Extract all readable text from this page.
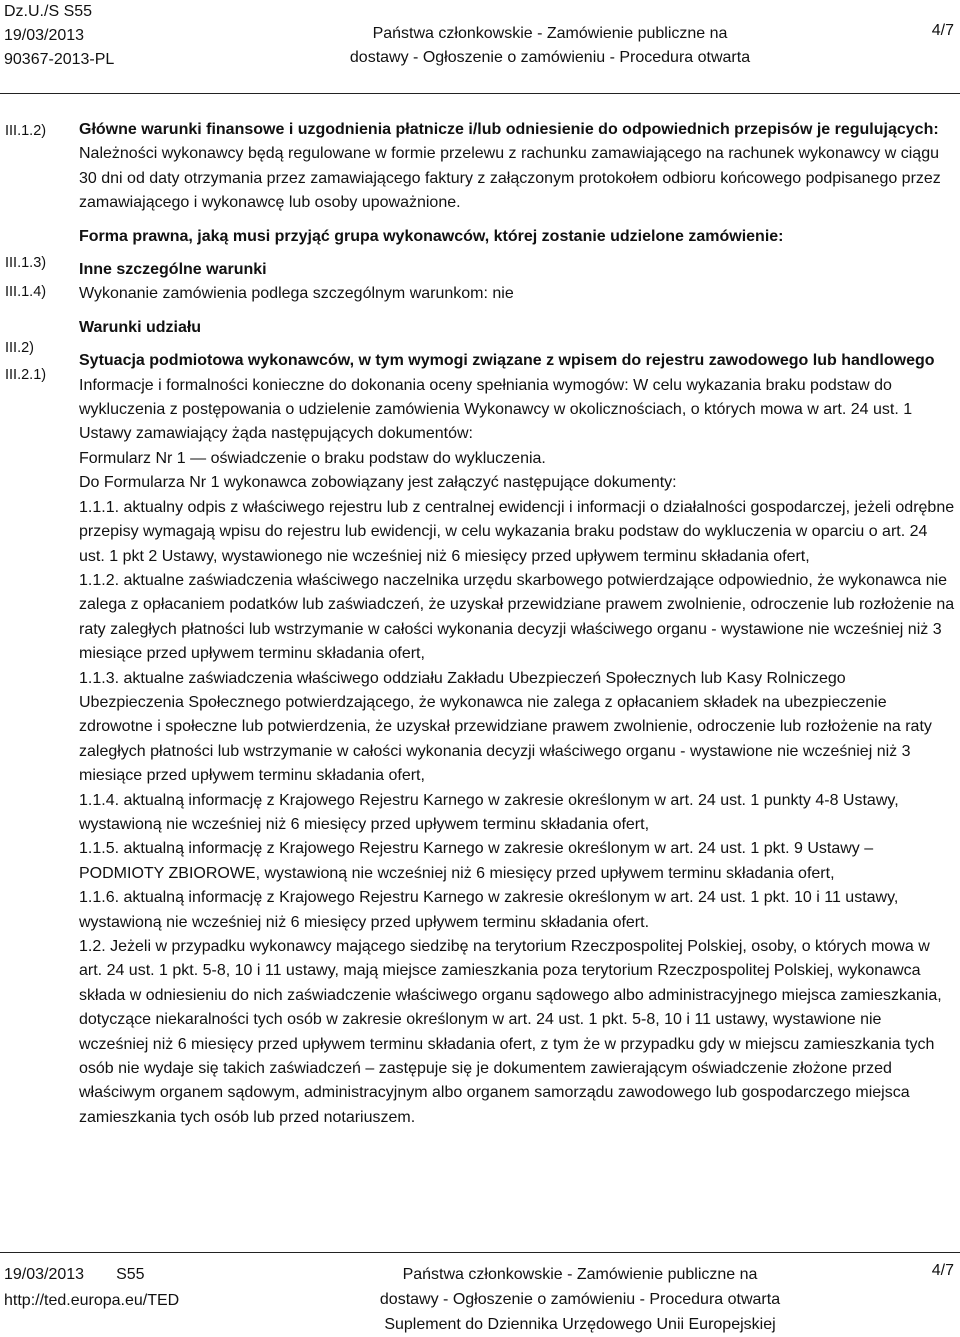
Dz.U./S S55
19/03/2013
90367-2013-PL
Państwa członkowskie - Zamówienie publiczne na
dostawy - Ogłoszenie o zamówieniu - Procedura otwarta
4/7
III.1.2)
III.1.3)
III.1.4)
III.2)
III.2.1)

Główne warunki finansowe i uzgodnienia płatnicze i/lub odniesienie do odpowiednich przepisów je regulujących:

Należności wykonawcy będą regulowane w formie przelewu z rachunku zamawiającego na rachunek wykonawcy w ciągu 30 dni od daty otrzymania przez zamawiającego faktury z załączonym protokołem odbioru końcowego podpisanego przez zamawiającego i wykonawcę lub osoby upoważnione.

Forma prawna, jaką musi przyjąć grupa wykonawców, której zostanie udzielone zamówienie:

Inne szczególne warunki

Wykonanie zamówienia podlega szczególnym warunkom: nie

Warunki udziału

Sytuacja podmiotowa wykonawców, w tym wymogi związane z wpisem do rejestru zawodowego lub handlowego

Informacje i formalności konieczne do dokonania oceny spełniania wymogów: W celu wykazania braku podstaw do wykluczenia z postępowania o udzielenie zamówienia Wykonawcy w okolicznościach, o których mowa w art. 24 ust. 1 Ustawy zamawiający żąda następujących dokumentów:

Formularz Nr 1 — oświadczenie o braku podstaw do wykluczenia.

Do Formularza Nr 1 wykonawca zobowiązany jest załączyć następujące dokumenty:

1.1.1. aktualny odpis z właściwego rejestru lub z centralnej ewidencji i informacji o działalności gospodarczej, jeżeli odrębne przepisy wymagają wpisu do rejestru lub ewidencji, w celu wykazania braku podstaw do wykluczenia w oparciu o art. 24 ust. 1 pkt 2 Ustawy, wystawionego nie wcześniej niż 6 miesięcy przed upływem terminu składania ofert,

1.1.2. aktualne zaświadczenia właściwego naczelnika urzędu skarbowego potwierdzające odpowiednio, że wykonawca nie zalega z opłacaniem podatków lub zaświadczeń, że uzyskał przewidziane prawem zwolnienie, odroczenie lub rozłożenie na raty zaległych płatności lub wstrzymanie w całości wykonania decyzji właściwego organu - wystawione nie wcześniej niż 3 miesiące przed upływem terminu składania ofert,

1.1.3. aktualne zaświadczenia właściwego oddziału Zakładu Ubezpieczeń Społecznych lub Kasy Rolniczego Ubezpieczenia Społecznego potwierdzającego, że wykonawca nie zalega z opłacaniem składek na ubezpieczenie zdrowotne i społeczne lub potwierdzenia, że uzyskał przewidziane prawem zwolnienie, odroczenie lub rozłożenie na raty zaległych płatności lub wstrzymanie w całości wykonania decyzji właściwego organu - wystawione nie wcześniej niż 3 miesiące przed upływem terminu składania ofert,

1.1.4. aktualną informację z Krajowego Rejestru Karnego w zakresie określonym w art. 24 ust. 1 punkty 4-8 Ustawy, wystawioną nie wcześniej niż 6 miesięcy przed upływem terminu składania ofert,

1.1.5. aktualną informację z Krajowego Rejestru Karnego w zakresie określonym w art. 24 ust. 1 pkt. 9 Ustawy – PODMIOTY ZBIOROWE, wystawioną nie wcześniej niż 6 miesięcy przed upływem terminu składania ofert,

1.1.6. aktualną informację z Krajowego Rejestru Karnego w zakresie określonym w art. 24 ust. 1 pkt. 10 i 11 ustawy, wystawioną nie wcześniej niż 6 miesięcy przed upływem terminu składania ofert.

1.2. Jeżeli w przypadku wykonawcy mającego siedzibę na terytorium Rzeczpospolitej Polskiej, osoby, o których mowa w art. 24 ust. 1 pkt. 5-8, 10 i 11 ustawy, mają miejsce zamieszkania poza terytorium Rzeczpospolitej Polskiej, wykonawca składa w odniesieniu do nich zaświadczenie właściwego organu sądowego albo administracyjnego miejsca zamieszkania, dotyczące niekaralności tych osób w zakresie określonym w art. 24 ust. 1 pkt. 5-8, 10 i 11 ustawy, wystawione nie wcześniej niż 6 miesięcy przed upływem terminu składania ofert, z tym że w przypadku gdy w miejscu zamieszkania tych osób nie wydaje się takich zaświadczeń – zastępuje się je dokumentem zawierającym oświadczenie złożone przed właściwym organem sądowym, administracyjnym albo organem samorządu zawodowego lub gospodarczego miejsca zamieszkania tych osób lub przed notariuszem.

19/03/2013 S55
http://ted.europa.eu/TED
Państwa członkowskie - Zamówienie publiczne na
dostawy - Ogłoszenie o zamówieniu - Procedura otwarta
Suplement do Dziennika Urzędowego Unii Europejskiej
4/7
